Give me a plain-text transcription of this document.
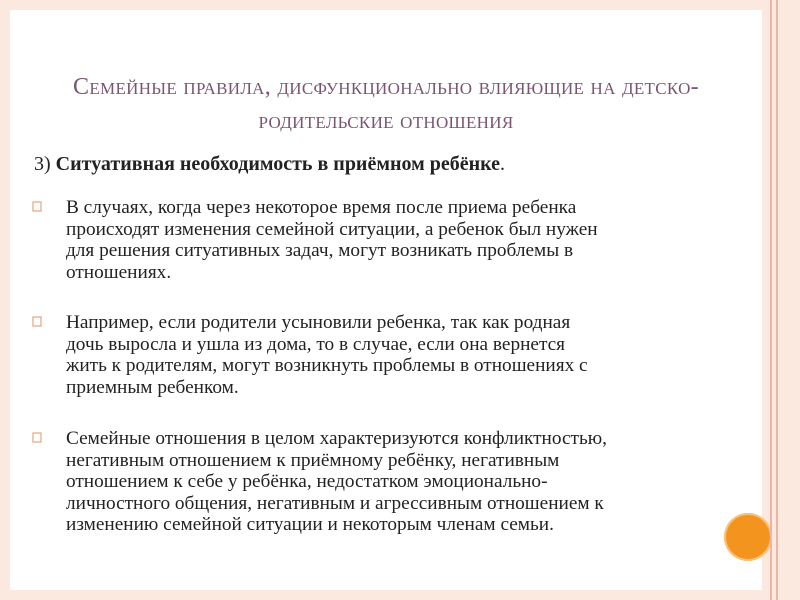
Семейные правила, дисфункционально влияющие на детско-
родительские отношения
3) Ситуативная необходимость в приёмном ребёнке.
В случаях, когда через некоторое время после приема ребенка
происходят изменения семейной ситуации, а ребенок был нужен
для решения ситуативных задач, могут возникать проблемы в
отношениях.
Например, если родители усыновили ребенка, так как родная
дочь выросла и ушла из дома, то в случае, если она вернется
жить к родителям, могут возникнуть проблемы в отношениях с
приемным ребенком.
Семейные отношения в целом характеризуются конфликтностью,
негативным отношением к приёмному ребёнку, негативным
отношением к себе у ребёнка, недостатком эмоционально-
личностного общения, негативным и агрессивным отношением к
изменению семейной ситуации и некоторым членам семьи.
